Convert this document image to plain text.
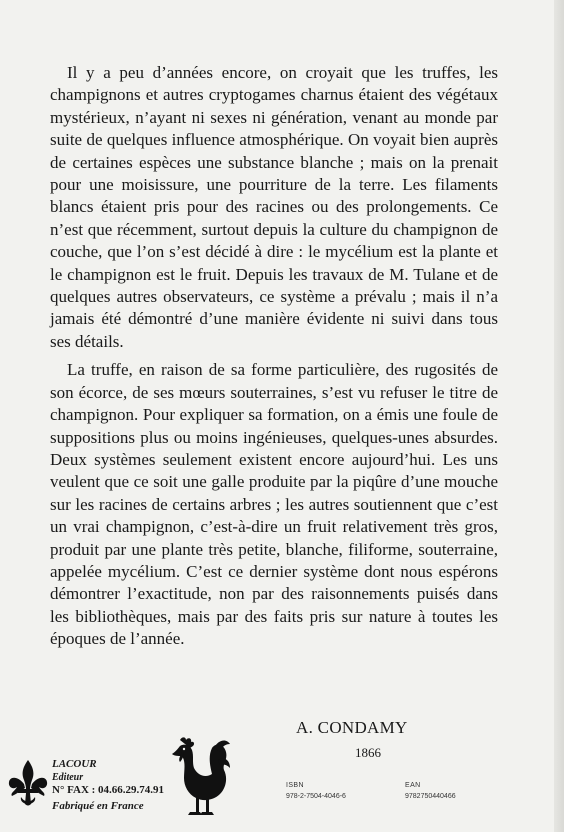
Il y a peu d’années encore, on croyait que les truffes, les champignons et autres cryptogames charnus étaient des végétaux mystérieux, n’ayant ni sexes ni génération, venant au monde par suite de quelques influence atmosphérique. On voyait bien auprès de certaines espèces une substance blanche ; mais on la prenait pour une moisissure, une pourriture de la terre. Les filaments blancs étaient pris pour des racines ou des prolongements. Ce n’est que récemment, surtout depuis la culture du champignon de couche, que l’on s’est décidé à dire : le mycélium est la plante et le champignon est le fruit. Depuis les travaux de M. Tulane et de quelques autres observateurs, ce système a prévalu ; mais il n’a jamais été démontré d’une manière évidente ni suivi dans tous ses détails.

La truffe, en raison de sa forme particulière, des rugosités de son écorce, de ses mœurs souterraines, s’est vu refuser le titre de champignon. Pour expliquer sa formation, on a émis une foule de suppositions plus ou moins ingénieuses, quelques-unes absurdes. Deux systèmes seulement existent encore aujourd’hui. Les uns veulent que ce soit une galle produite par la piqûre d’une mouche sur les racines de certains arbres ; les autres soutiennent que c’est un vrai champignon, c’est-à-dire un fruit relativement très gros, produit par une plante très petite, blanche, filiforme, souterraine, appelée mycélium. C’est ce dernier système dont nous espérons démontrer l’exactitude, non par des raisonnements puisés dans les bibliothèques, mais par des faits pris sur nature à toutes les époques de l’année.

A. CONDAMY
1866
LACOUR
Editeur
N° FAX : 04.66.29.74.91
Fabriqué en France
ISBN
978-2-7504-4046-6
EAN
9782750440466
